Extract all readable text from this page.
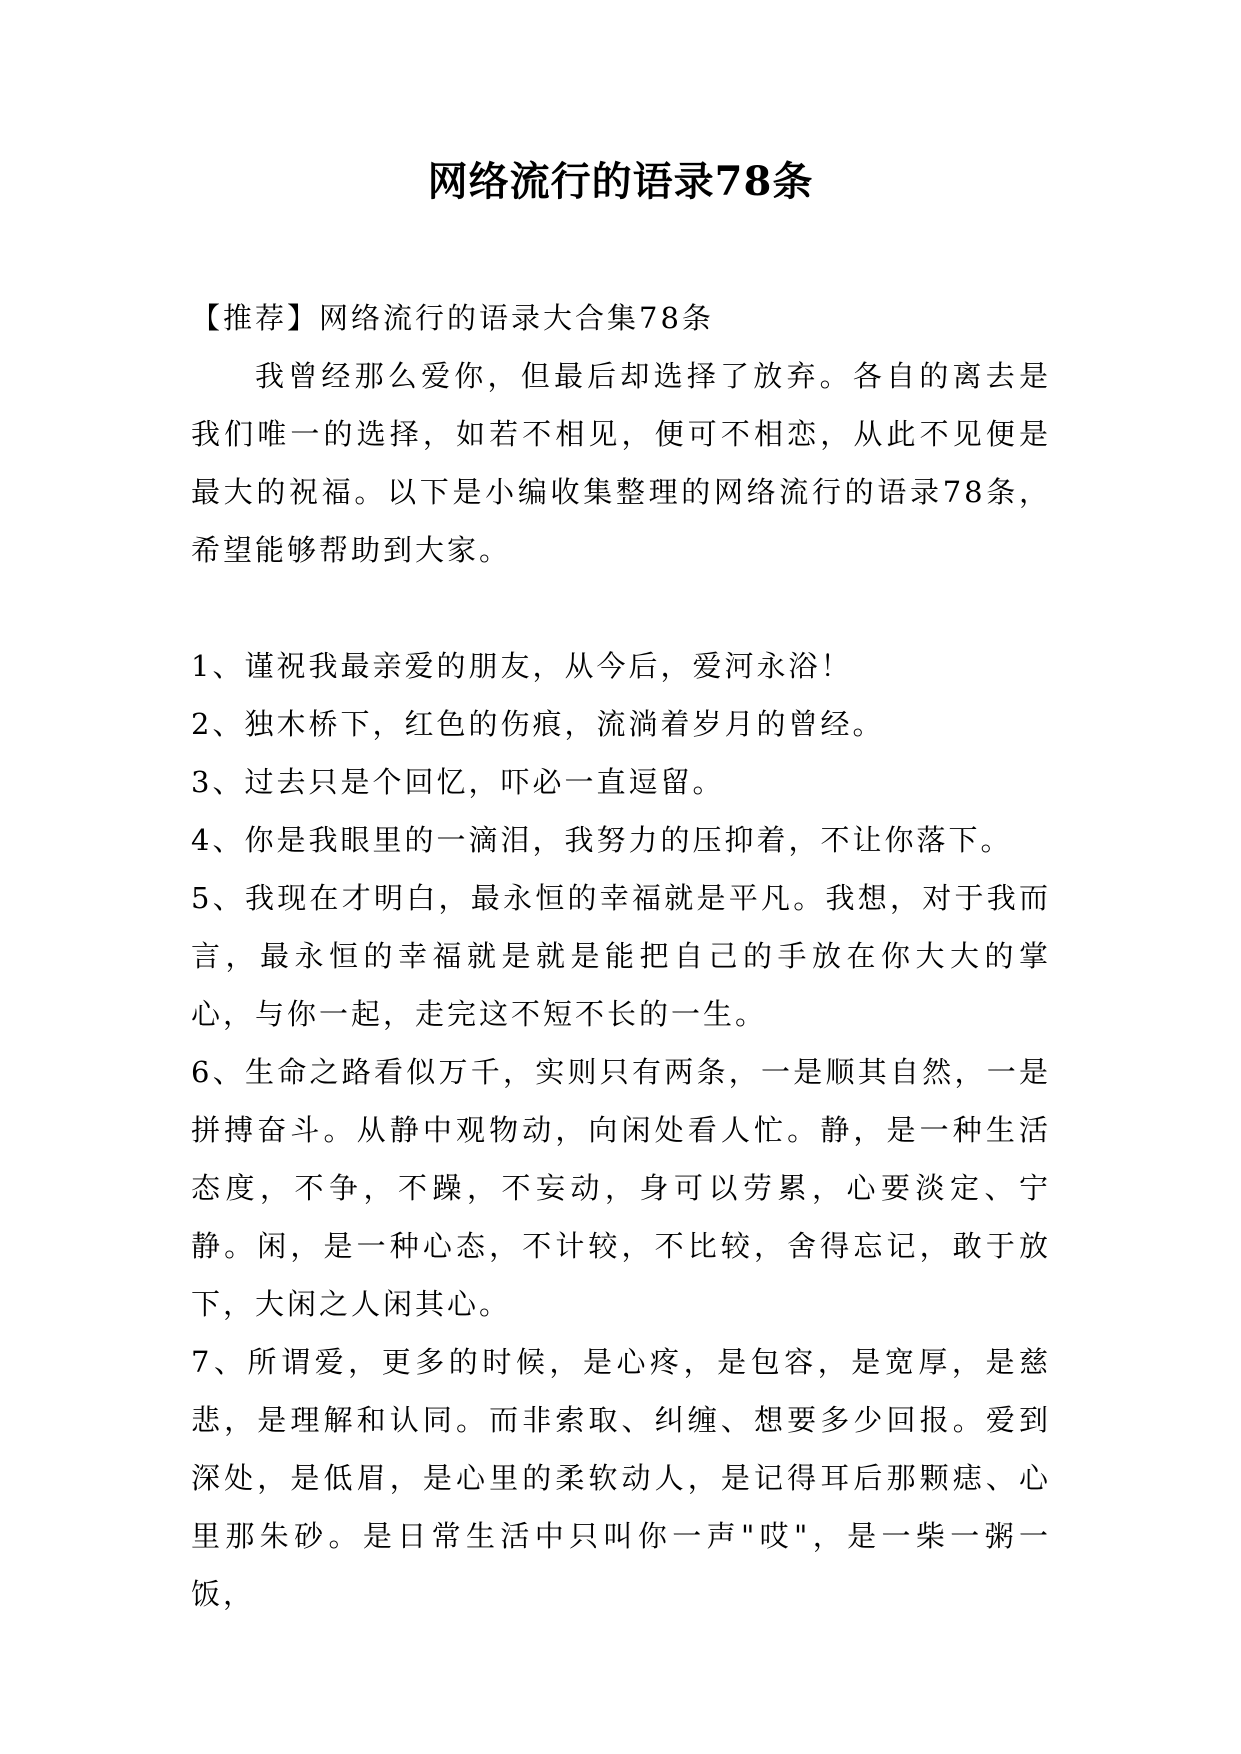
网络流行的语录78条

【推荐】网络流行的语录大合集78条

我曾经那么爱你，但最后却选择了放弃。各自的离去是我们唯一的选择，如若不相见，便可不相恋，从此不见便是最大的祝福。以下是小编收集整理的网络流行的语录78条，希望能够帮助到大家。

1、谨祝我最亲爱的朋友，从今后，爱河永浴！

2、独木桥下，红色的伤痕，流淌着岁月的曾经。

3、过去只是个回忆，吓必一直逗留。

4、你是我眼里的一滴泪，我努力的压抑着，不让你落下。

5、我现在才明白，最永恒的幸福就是平凡。我想，对于我而言，最永恒的幸福就是就是能把自己的手放在你大大的掌心，与你一起，走完这不短不长的一生。

6、生命之路看似万千，实则只有两条，一是顺其自然，一是拼搏奋斗。从静中观物动，向闲处看人忙。静，是一种生活态度，不争，不躁，不妄动，身可以劳累，心要淡定、宁静。闲，是一种心态，不计较，不比较，舍得忘记，敢于放下，大闲之人闲其心。

7、所谓爱，更多的时候，是心疼，是包容，是宽厚，是慈悲，是理解和认同。而非索取、纠缠、想要多少回报。爱到深处，是低眉，是心里的柔软动人，是记得耳后那颗痣、心里那朱砂。是日常生活中只叫你一声"哎"，是一柴一粥一饭，
